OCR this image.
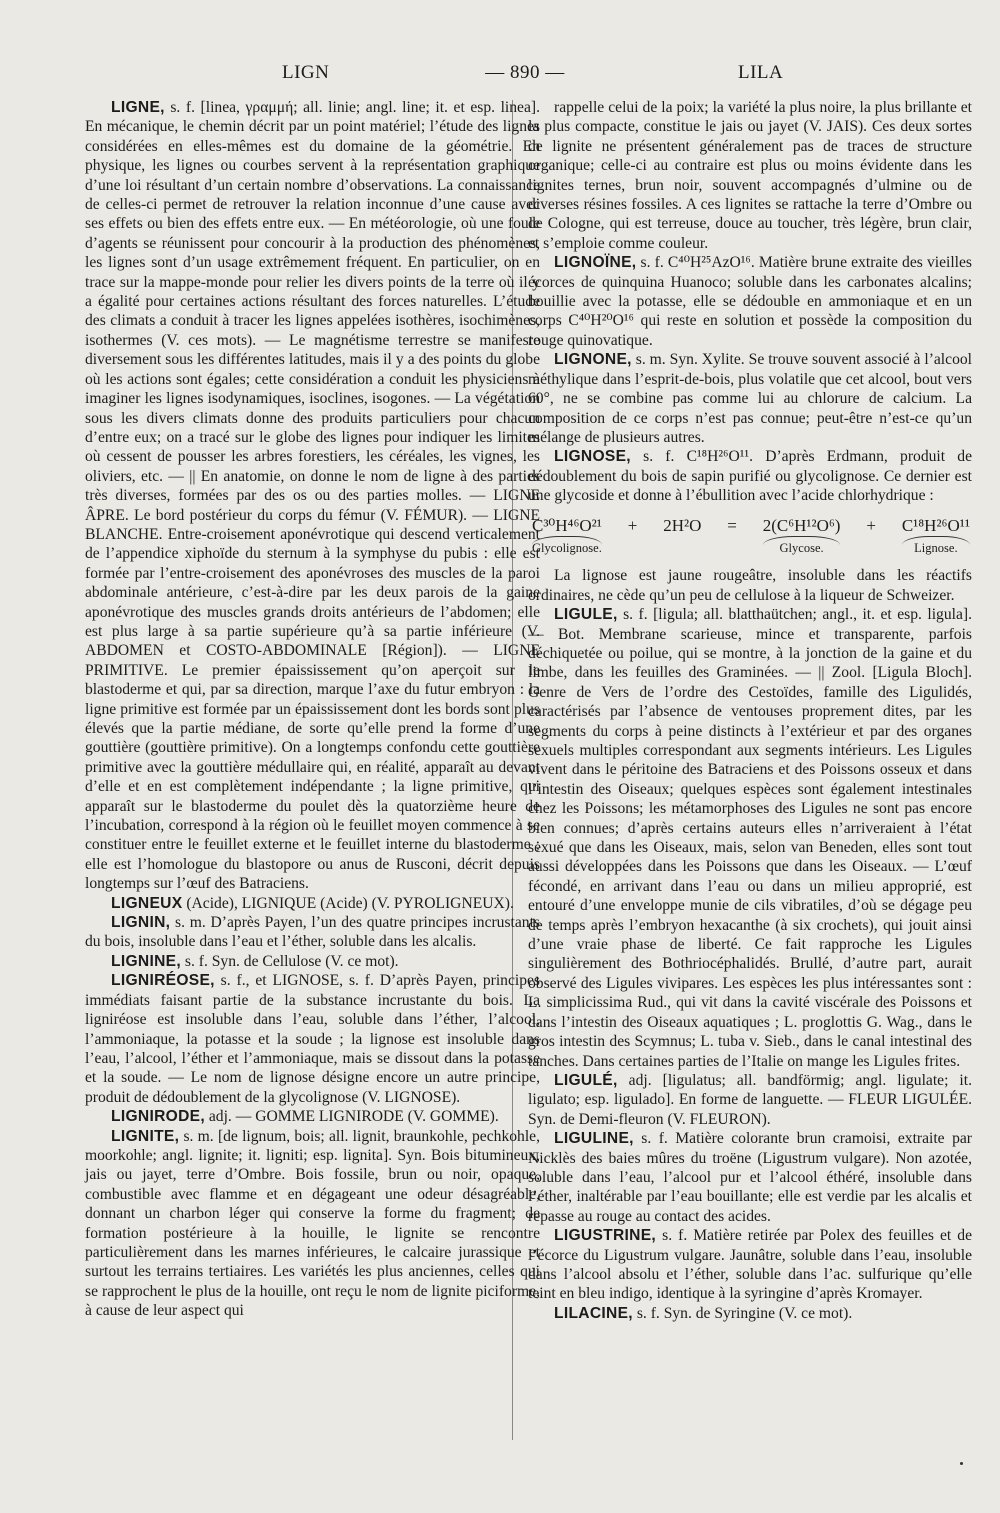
LIGN	— 890 —	LILA

LIGNE, s. f. [linea, γραμμή; all. linie; angl. line; it. et esp. linea]. En mécanique, le chemin décrit par un point matériel; l’étude des lignes considérées en elles-mêmes est du domaine de la géométrie. En physique, les lignes ou courbes servent à la représentation graphique d’une loi résultant d’un certain nombre d’observations. La connaissance de celles-ci permet de retrouver la relation inconnue d’une cause avec ses effets ou bien des effets entre eux. — En météorologie, où une foule d’agents se réunissent pour concourir à la production des phénomènes, les lignes sont d’un usage extrêmement fréquent. En particulier, on en trace sur la mappe-monde pour relier les divers points de la terre où il y a égalité pour certaines actions résultant des forces naturelles. L’étude des climats a conduit à tracer les lignes appelées isothères, isochimènes, isothermes (V. ces mots). — Le magnétisme terrestre se manifeste diversement sous les différentes latitudes, mais il y a des points du globe où les actions sont égales; cette considération a conduit les physiciens à imaginer les lignes isodynamiques, isoclines, isogones. — La végétation sous les divers climats donne des produits particuliers pour chacun d’entre eux; on a tracé sur le globe des lignes pour indiquer les limites où cessent de pousser les arbres forestiers, les céréales, les vignes, les oliviers, etc. — || En anatomie, on donne le nom de ligne à des parties très diverses, formées par des os ou des parties molles. — LIGNE ÂPRE. Le bord postérieur du corps du fémur (V. FÉMUR). — LIGNE BLANCHE. Entre-croisement aponévrotique qui descend verticalement de l’appendice xiphoïde du sternum à la symphyse du pubis : elle est formée par l’entre-croisement des aponévroses des muscles de la paroi abdominale antérieure, c’est-à-dire par les deux parois de la gaine aponévrotique des muscles grands droits antérieurs de l’abdomen; elle est plus large à sa partie supérieure qu’à sa partie inférieure (V. ABDOMEN et COSTO-ABDOMINALE [Région]). — LIGNE PRIMITIVE. Le premier épaississement qu’on aperçoit sur le blastoderme et qui, par sa direction, marque l’axe du futur embryon : la ligne primitive est formée par un épaississement dont les bords sont plus élevés que la partie médiane, de sorte qu’elle prend la forme d’une gouttière (gouttière primitive). On a longtemps confondu cette gouttière primitive avec la gouttière médullaire qui, en réalité, apparaît au devant d’elle et en est complètement indépendante ; la ligne primitive, qui apparaît sur le blastoderme du poulet dès la quatorzième heure de l’incubation, correspond à la région où le feuillet moyen commence à se constituer entre le feuillet externe et le feuillet interne du blastoderme ; elle est l’homologue du blastopore ou anus de Rusconi, décrit depuis longtemps sur l’œuf des Batraciens.

LIGNEUX (Acide), LIGNIQUE (Acide) (V. PYROLIGNEUX).

LIGNIN, s. m. D’après Payen, l’un des quatre principes incrustants du bois, insoluble dans l’eau et l’éther, soluble dans les alcalis.

LIGNINE, s. f. Syn. de Cellulose (V. ce mot).

LIGNIRÉOSE, s. f., et LIGNOSE, s. f. D’après Payen, principes immédiats faisant partie de la substance incrustante du bois. La ligniréose est insoluble dans l’eau, soluble dans l’éther, l’alcool, l’ammoniaque, la potasse et la soude ; la lignose est insoluble dans l’eau, l’alcool, l’éther et l’ammoniaque, mais se dissout dans la potasse et la soude. — Le nom de lignose désigne encore un autre principe, produit de dédoublement de la glycolignose (V. LIGNOSE).

LIGNIRODE, adj. — GOMME LIGNIRODE (V. GOMME).

LIGNITE, s. m. [de lignum, bois; all. lignit, braunkohle, pechkohle, moorkohle; angl. lignite; it. ligniti; esp. lignita]. Syn. Bois bitumineux, jais ou jayet, terre d’Ombre. Bois fossile, brun ou noir, opaque, combustible avec flamme et en dégageant une odeur désagréable, donnant un charbon léger qui conserve la forme du fragment; de formation postérieure à la houille, le lignite se rencontre particulièrement dans les marnes inférieures, le calcaire jurassique et surtout les terrains tertiaires. Les variétés les plus anciennes, celles qui se rapprochent le plus de la houille, ont reçu le nom de lignite piciforme, à cause de leur aspect qui

rappelle celui de la poix; la variété la plus noire, la plus brillante et la plus compacte, constitue le jais ou jayet (V. JAIS). Ces deux sortes de lignite ne présentent généralement pas de traces de structure organique; celle-ci au contraire est plus ou moins évidente dans les lignites ternes, brun noir, souvent accompagnés d’ulmine ou de diverses résines fossiles. A ces lignites se rattache la terre d’Ombre ou de Cologne, qui est terreuse, douce au toucher, très légère, brun clair, et s’emploie comme couleur.

LIGNOÏNE, s. f. C⁴⁰H²⁵AzO¹⁶. Matière brune extraite des vieilles écorces de quinquina Huanoco; soluble dans les carbonates alcalins; bouillie avec la potasse, elle se dédouble en ammoniaque et en un corps C⁴⁰H²⁰O¹⁶ qui reste en solution et possède la composition du rouge quinovatique.

LIGNONE, s. m. Syn. Xylite. Se trouve souvent associé à l’alcool méthylique dans l’esprit-de-bois, plus volatile que cet alcool, bout vers 60°, ne se combine pas comme lui au chlorure de calcium. La composition de ce corps n’est pas connue; peut-être n’est-ce qu’un mélange de plusieurs autres.

LIGNOSE, s. f. C¹⁸H²⁶O¹¹. D’après Erdmann, produit de dédoublement du bois de sapin purifié ou glycolignose. Ce dernier est une glycoside et donne à l’ébullition avec l’acide chlorhydrique :

C³⁰H⁴⁶O²¹
Glycolignose.
+ 2H²O = 2(C⁶H¹²O⁶)
Glycose.
+ C¹⁸H²⁶O¹¹
Lignose.

La lignose est jaune rougeâtre, insoluble dans les réactifs ordinaires, ne cède qu’un peu de cellulose à la liqueur de Schweizer.

LIGULE, s. f. [ligula; all. blatthaütchen; angl., it. et esp. ligula]. — Bot. Membrane scarieuse, mince et transparente, parfois déchiquetée ou poilue, qui se montre, à la jonction de la gaine et du limbe, dans les feuilles des Graminées. — || Zool. [Ligula Bloch]. Genre de Vers de l’ordre des Cestoïdes, famille des Ligulidés, caractérisés par l’absence de ventouses proprement dites, par les segments du corps à peine distincts à l’extérieur et par des organes sexuels multiples correspondant aux segments intérieurs. Les Ligules vivent dans le péritoine des Batraciens et des Poissons osseux et dans l’intestin des Oiseaux; quelques espèces sont également intestinales chez les Poissons; les métamorphoses des Ligules ne sont pas encore bien connues; d’après certains auteurs elles n’arriveraient à l’état sexué que dans les Oiseaux, mais, selon van Beneden, elles sont tout aussi développées dans les Poissons que dans les Oiseaux. — L’œuf fécondé, en arrivant dans l’eau ou dans un milieu approprié, est entouré d’une enveloppe munie de cils vibratiles, d’où se dégage peu de temps après l’embryon hexacanthe (à six crochets), qui jouit ainsi d’une vraie phase de liberté. Ce fait rapproche les Ligules singulièrement des Bothriocéphalidés. Brullé, d’autre part, aurait observé des Ligules vivipares. Les espèces les plus intéressantes sont : L. simplicissima Rud., qui vit dans la cavité viscérale des Poissons et dans l’intestin des Oiseaux aquatiques ; L. proglottis G. Wag., dans le gros intestin des Scymnus; L. tuba v. Sieb., dans le canal intestinal des tanches. Dans certaines parties de l’Italie on mange les Ligules frites.

LIGULÉ, adj. [ligulatus; all. bandförmig; angl. ligulate; it. ligulato; esp. ligulado]. En forme de languette. — FLEUR LIGULÉE. Syn. de Demi-fleuron (V. FLEURON).

LIGULINE, s. f. Matière colorante brun cramoisi, extraite par Nicklès des baies mûres du troëne (Ligustrum vulgare). Non azotée, soluble dans l’eau, l’alcool pur et l’alcool éthéré, insoluble dans l’éther, inaltérable par l’eau bouillante; elle est verdie par les alcalis et repasse au rouge au contact des acides.

LIGUSTRINE, s. f. Matière retirée par Polex des feuilles et de l’écorce du Ligustrum vulgare. Jaunâtre, soluble dans l’eau, insoluble dans l’alcool absolu et l’éther, soluble dans l’ac. sulfurique qu’elle teint en bleu indigo, identique à la syringine d’après Kromayer.

LILACINE, s. f. Syn. de Syringine (V. ce mot).
